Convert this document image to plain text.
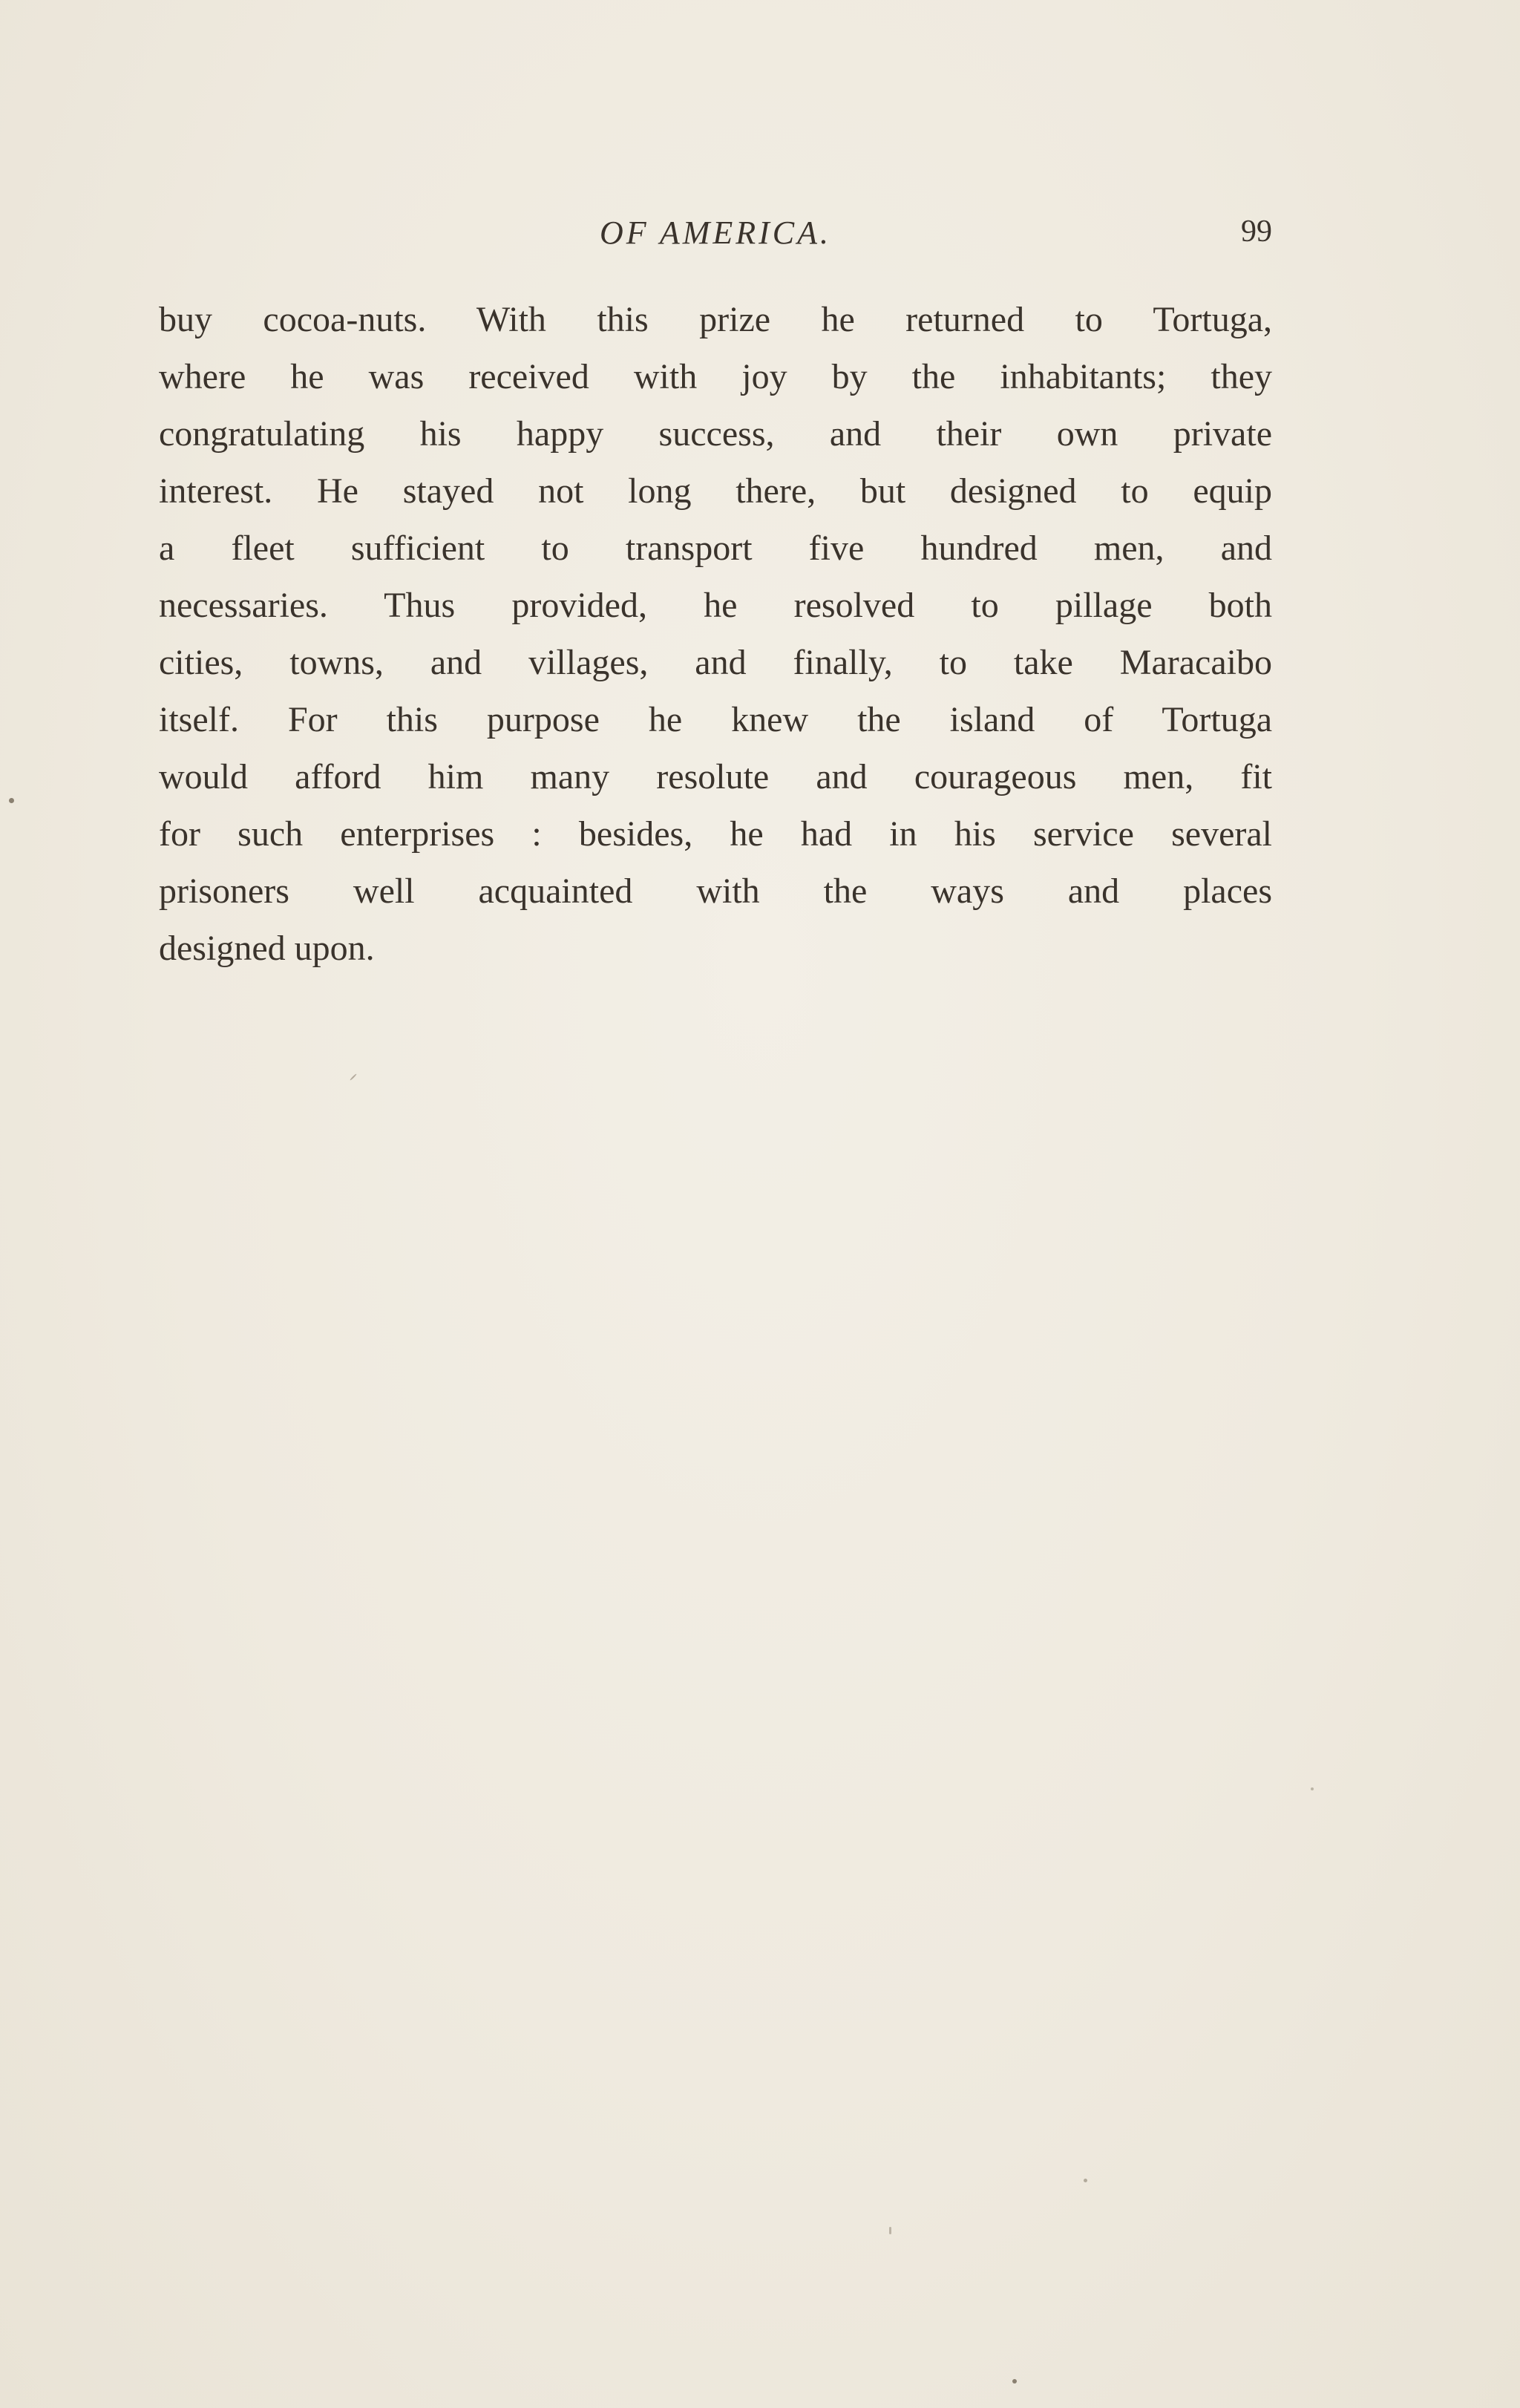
OF AMERICA.	99
buy cocoa-nuts. With this prize he returned to Tortuga,
where he was received with joy by the inhabitants; they
congratulating his happy success, and their own private
interest. He stayed not long there, but designed to equip
a fleet sufficient to transport five hundred men, and
necessaries. Thus provided, he resolved to pillage both
cities, towns, and villages, and finally, to take Maracaibo
itself. For this purpose he knew the island of Tortuga
would afford him many resolute and courageous men, fit
for such enterprises : besides, he had in his service several
prisoners well acquainted with the ways and places
designed upon.
